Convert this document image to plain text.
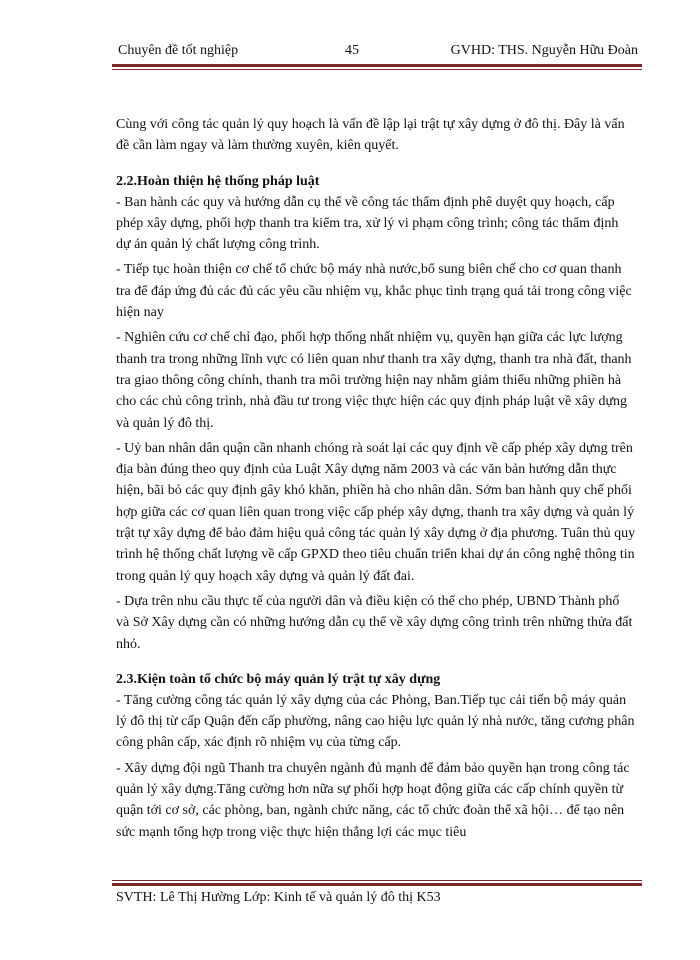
Chuyên đề tốt nghiệp	45	GVHD: THS. Nguyễn Hữu Đoàn

Cùng với công tác quản lý quy hoạch là vấn đề lập lại trật tự xây dựng ở đô thị. Đây là vấn đề cần làm ngay và làm thường xuyên, kiên quyết.

2.2.Hoàn thiện hệ thống pháp luật

- Ban hành các quy và hướng dẫn cụ thể về công tác thẩm định phê duyệt quy hoạch, cấp phép xây dựng, phối hợp thanh tra kiểm tra, xử lý vi phạm công trình; công tác thẩm định dự án quản lý chất lượng công trình.

- Tiếp tục hoàn thiện cơ chế tổ chức bộ máy nhà nước,bổ sung biên chế cho cơ quan thanh tra để đáp ứng đủ các đủ các yêu cầu nhiệm vụ, khắc phục tình trạng quá tải trong công việc hiện nay

- Nghiên cứu cơ chế chỉ đạo, phối hợp thống nhất nhiệm vụ, quyền hạn giữa các lực lượng thanh tra trong những lĩnh vực có liên quan như thanh tra xây dựng, thanh tra nhà đất, thanh tra giao thông công chính, thanh tra môi trường hiện nay nhằm giảm thiểu những phiền hà cho các chủ công trình, nhà đầu tư trong việc thực hiện các quy định pháp luật về xây dựng và quản lý đô thị.

- Uỷ ban nhân dân quận cần nhanh chóng rà soát lại các quy định về cấp phép xây dựng trên địa bàn đúng theo quy định của Luật Xây dựng năm 2003 và các văn bản hướng dẫn thực hiện, bãi bỏ các quy định gây khó khăn, phiền hà cho nhân dân. Sớm ban hành quy chế phối hợp giữa các cơ quan liên quan trong việc cấp phép xây dựng, thanh tra xây dựng và quản lý trật tự xây dựng để bảo đảm hiệu quả công tác quản lý xây dựng ở địa phương. Tuân thủ quy trình hệ thống chất lượng về cấp GPXD theo tiêu chuẩn triển khai dự án công nghệ thông tin trong quản lý quy hoạch xây dựng và quản lý đất đai.

- Dựa trên nhu cầu thực tế của người dân và điều kiện có thể cho phép, UBND Thành phố và Sở Xây dựng cần có những hướng dẫn cụ thể về xây dựng công trình trên những thửa đất nhỏ.

2.3.Kiện toàn tổ chức bộ máy quản lý trật tự xây dựng

- Tăng cường công tác quản lý xây dựng của các Phòng, Ban.Tiếp tục cải tiến bộ máy quản lý đô thị từ cấp Quận đến cấp phường, nâng cao hiệu lực quản lý nhà nước, tăng cương phân công phân cấp, xác định rõ nhiệm vụ của từng cấp.

- Xây dựng đội ngũ Thanh tra chuyên ngành đủ mạnh để đảm bảo quyền hạn trong công tác quản lý xây dựng.Tăng cường hơn nữa sự phối hợp hoạt động giữa các cấp chính quyền từ quận tới cơ sở, các phòng, ban, ngành chức năng, các tổ chức đoàn thể xã hội… để tạo nên sức mạnh tổng hợp trong việc thực hiện thắng lợi các mục tiêu

SVTH: Lê Thị Hường Lớp: Kinh tế và quản lý đô thị K53
